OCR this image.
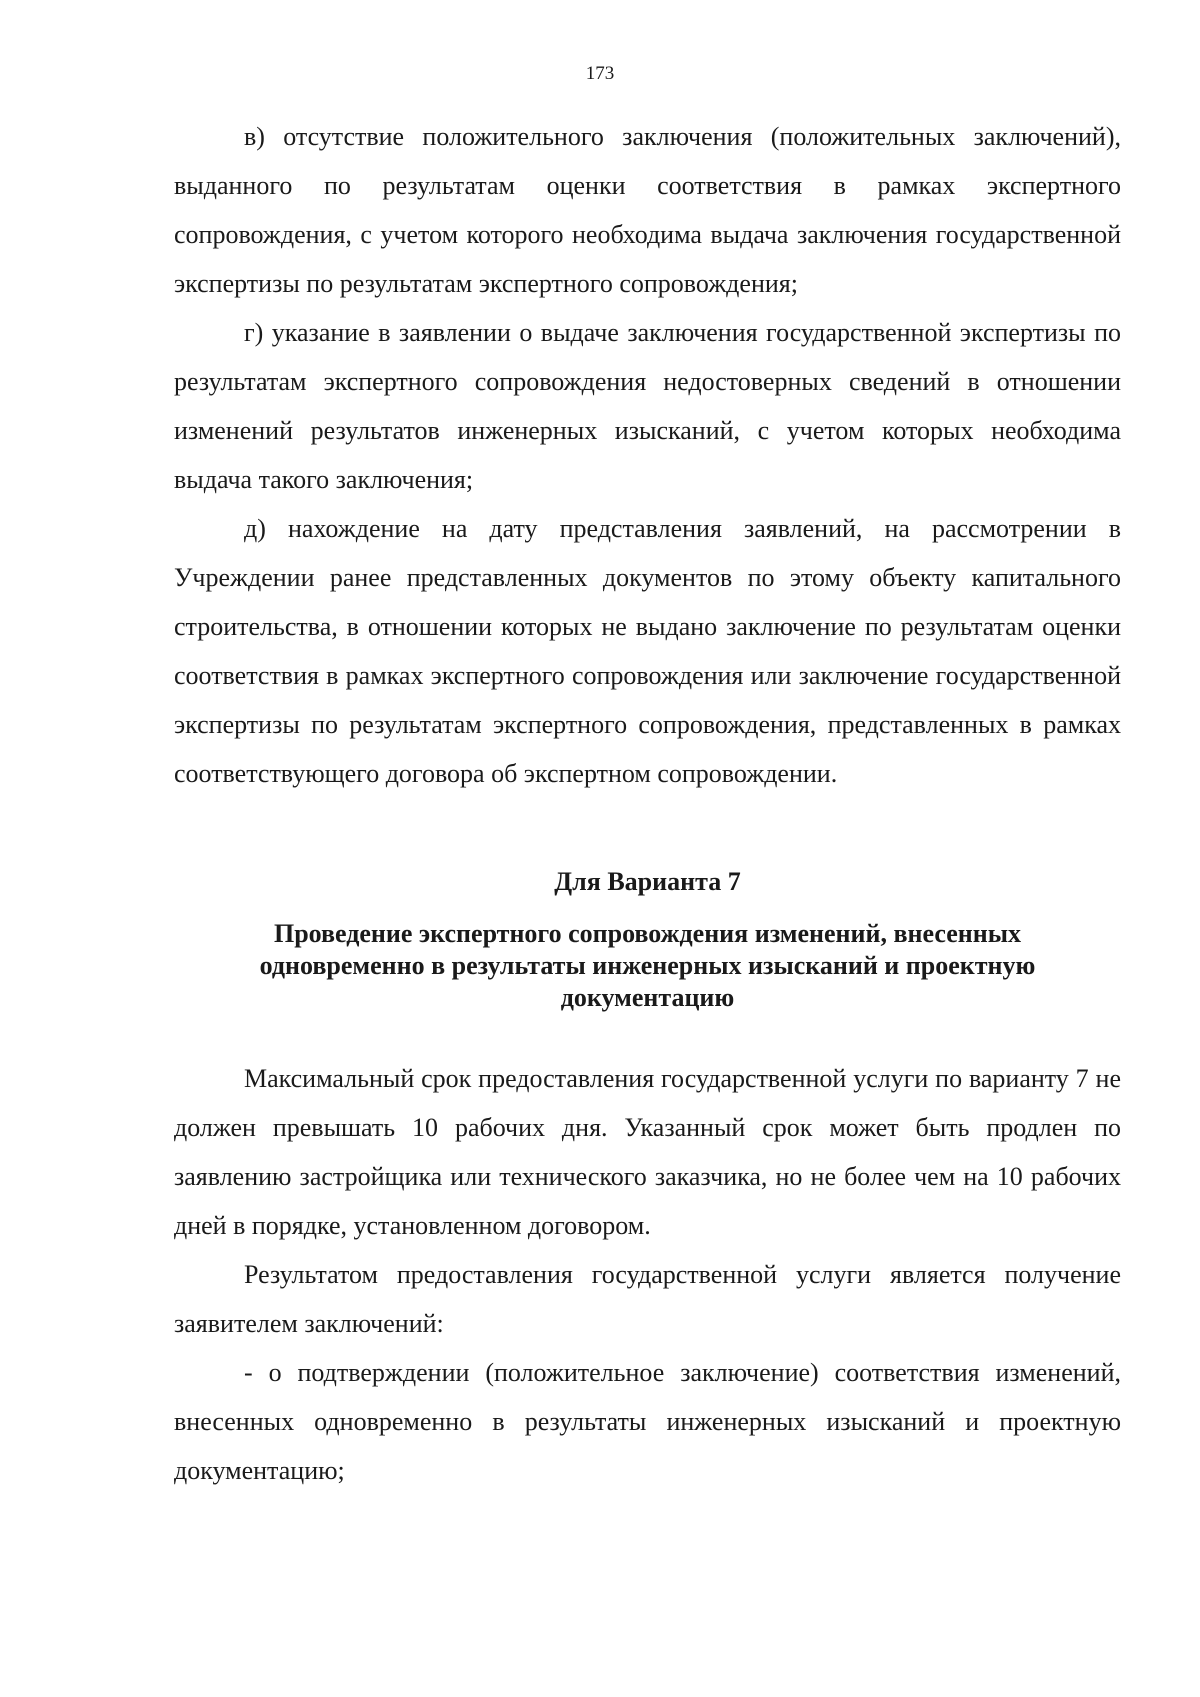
173

в) отсутствие положительного заключения (положительных заключений), выданного по результатам оценки соответствия в рамках экспертного сопровождения, с учетом которого необходима выдача заключения государственной экспертизы по результатам экспертного сопровождения;

г) указание в заявлении о выдаче заключения государственной экспертизы по результатам экспертного сопровождения недостоверных сведений в отношении изменений результатов инженерных изысканий, с учетом которых необходима выдача такого заключения;

д) нахождение на дату представления заявлений, на рассмотрении в Учреждении ранее представленных документов по этому объекту капитального строительства, в отношении которых не выдано заключение по результатам оценки соответствия в рамках экспертного сопровождения или заключение государственной экспертизы по результатам экспертного сопровождения, представленных в рамках соответствующего договора об экспертном сопровождении.

Для Варианта 7

Проведение экспертного сопровождения изменений, внесенных одновременно в результаты инженерных изысканий и проектную документацию

Максимальный срок предоставления государственной услуги по варианту 7 не должен превышать 10 рабочих дня. Указанный срок может быть продлен по заявлению застройщика или технического заказчика, но не более чем на 10 рабочих дней в порядке, установленном договором.

Результатом предоставления государственной услуги является получение заявителем заключений:

- о подтверждении (положительное заключение) соответствия изменений, внесенных одновременно в результаты инженерных изысканий и проектную документацию;
